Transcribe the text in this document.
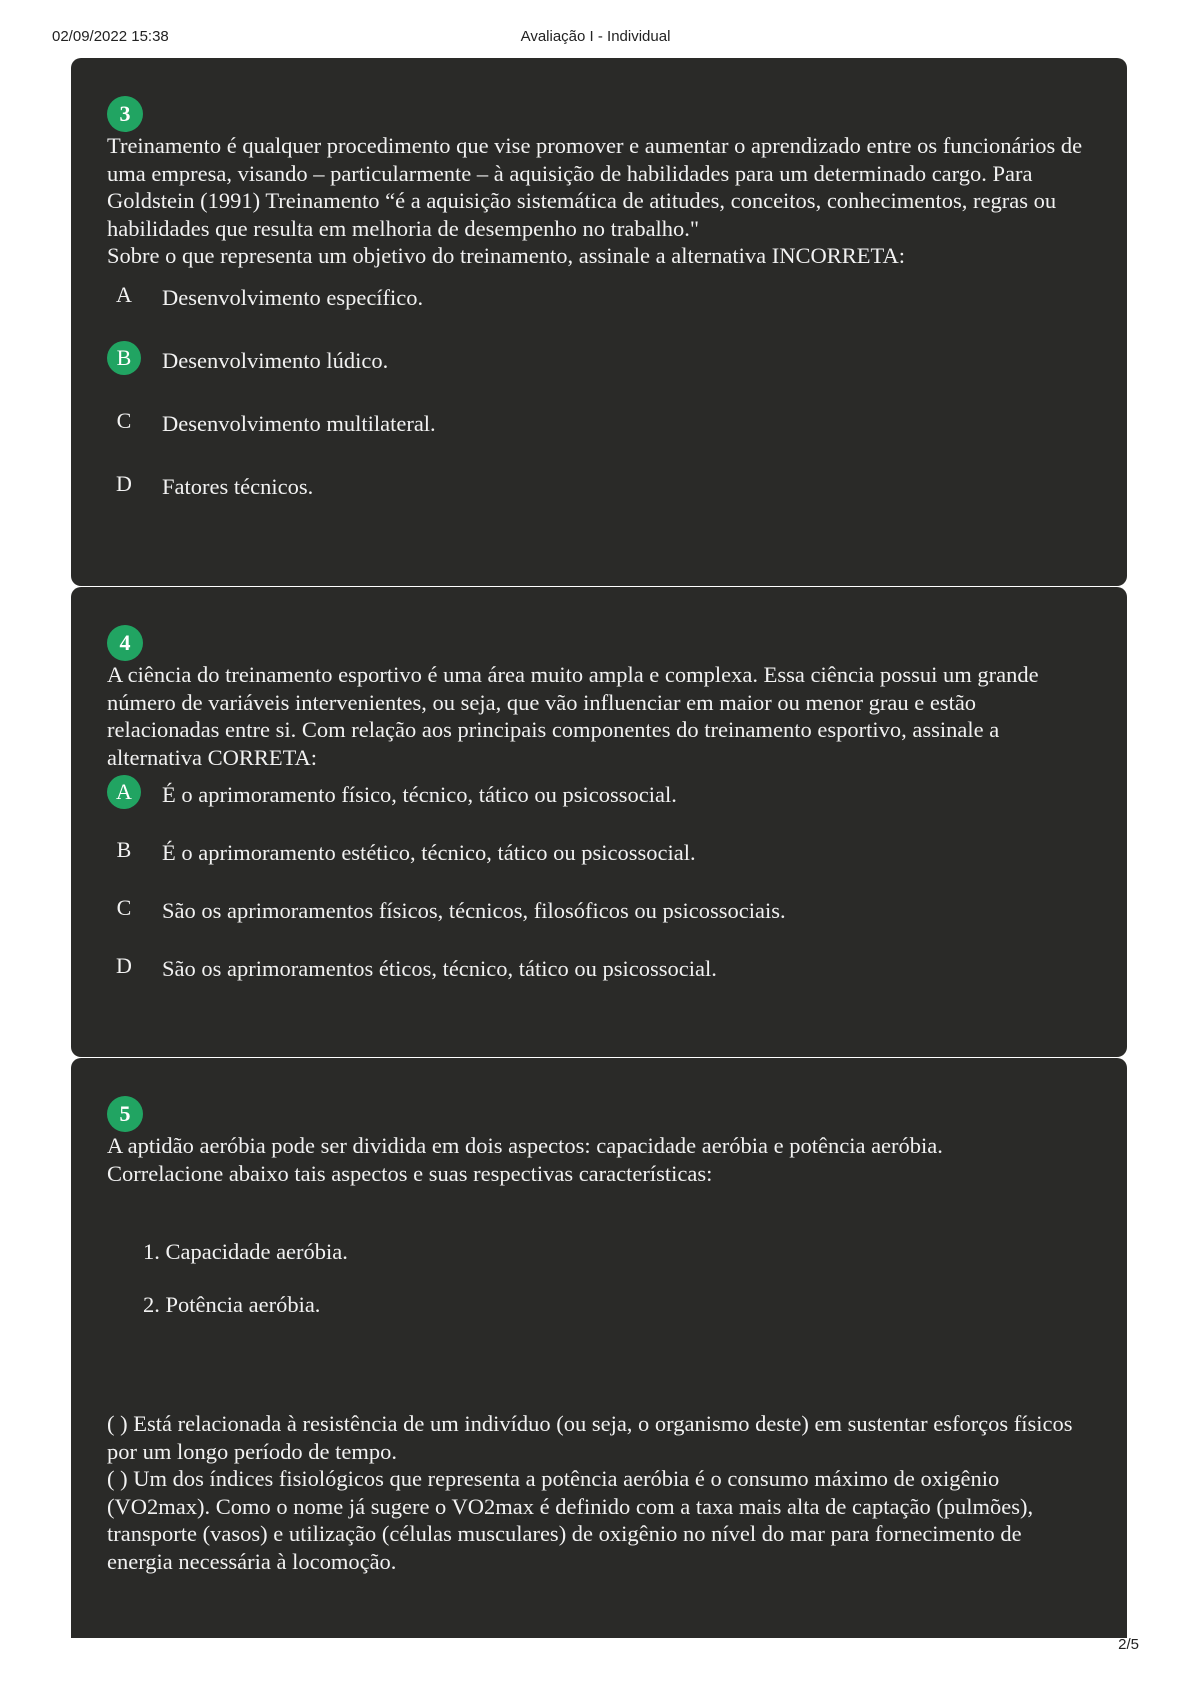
02/09/2022 15:38	Avaliação I - Individual
3

Treinamento é qualquer procedimento que vise promover e aumentar o aprendizado entre os funcionários de uma empresa, visando – particularmente – à aquisição de habilidades para um determinado cargo. Para Goldstein (1991) Treinamento “é a aquisição sistemática de atitudes, conceitos, conhecimentos, regras ou habilidades que resulta em melhoria de desempenho no trabalho."

Sobre o que representa um objetivo do treinamento, assinale a alternativa INCORRETA:

A	Desenvolvimento específico.
B	Desenvolvimento lúdico.
C	Desenvolvimento multilateral.
D	Fatores técnicos.
4

A ciência do treinamento esportivo é uma área muito ampla e complexa. Essa ciência possui um grande número de variáveis intervenientes, ou seja, que vão influenciar em maior ou menor grau e estão relacionadas entre si. Com relação aos principais componentes do treinamento esportivo, assinale a alternativa CORRETA:

A	É o aprimoramento físico, técnico, tático ou psicossocial.
B	É o aprimoramento estético, técnico, tático ou psicossocial.
C	São os aprimoramentos físicos, técnicos, filosóficos ou psicossociais.
D	São os aprimoramentos éticos, técnico, tático ou psicossocial.
5

A aptidão aeróbia pode ser dividida em dois aspectos: capacidade aeróbia e potência aeróbia.

Correlacione abaixo tais aspectos e suas respectivas características:

1. Capacidade aeróbia.
2. Potência aeróbia.

( ) Está relacionada à resistência de um indivíduo (ou seja, o organismo deste) em sustentar esforços físicos por um longo período de tempo.

( ) Um dos índices fisiológicos que representa a potência aeróbia é o consumo máximo de oxigênio (VO2max). Como o nome já sugere o VO2max é definido com a taxa mais alta de captação (pulmões), transporte (vasos) e utilização (células musculares) de oxigênio no nível do mar para fornecimento de energia necessária à locomoção.

2/5
